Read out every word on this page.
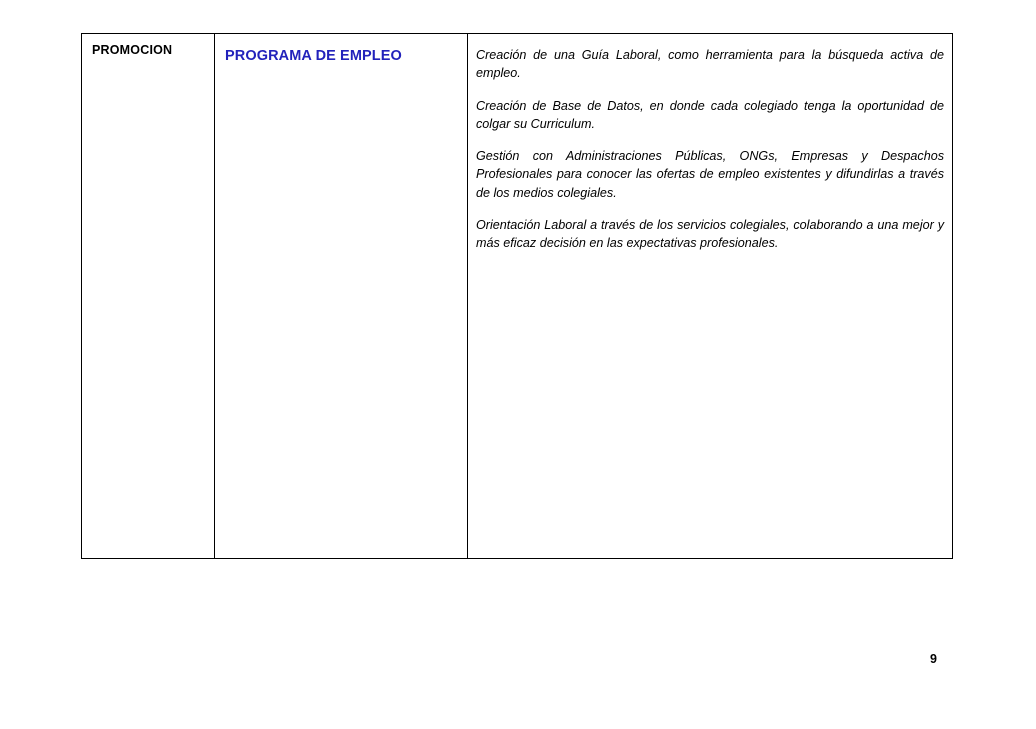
PROMOCION	PROGRAMA DE EMPLEO	Creación de una Guía Laboral, como herramienta para la búsqueda activa de empleo.

Creación de Base de Datos, en donde cada colegiado tenga la oportunidad de colgar su Curriculum.

Gestión con Administraciones Públicas, ONGs, Empresas y Despachos Profesionales para conocer las ofertas de empleo existentes y difundirlas a través de los medios colegiales.

Orientación Laboral a través de los servicios colegiales, colaborando a una mejor y más eficaz decisión en las expectativas profesionales.

9
